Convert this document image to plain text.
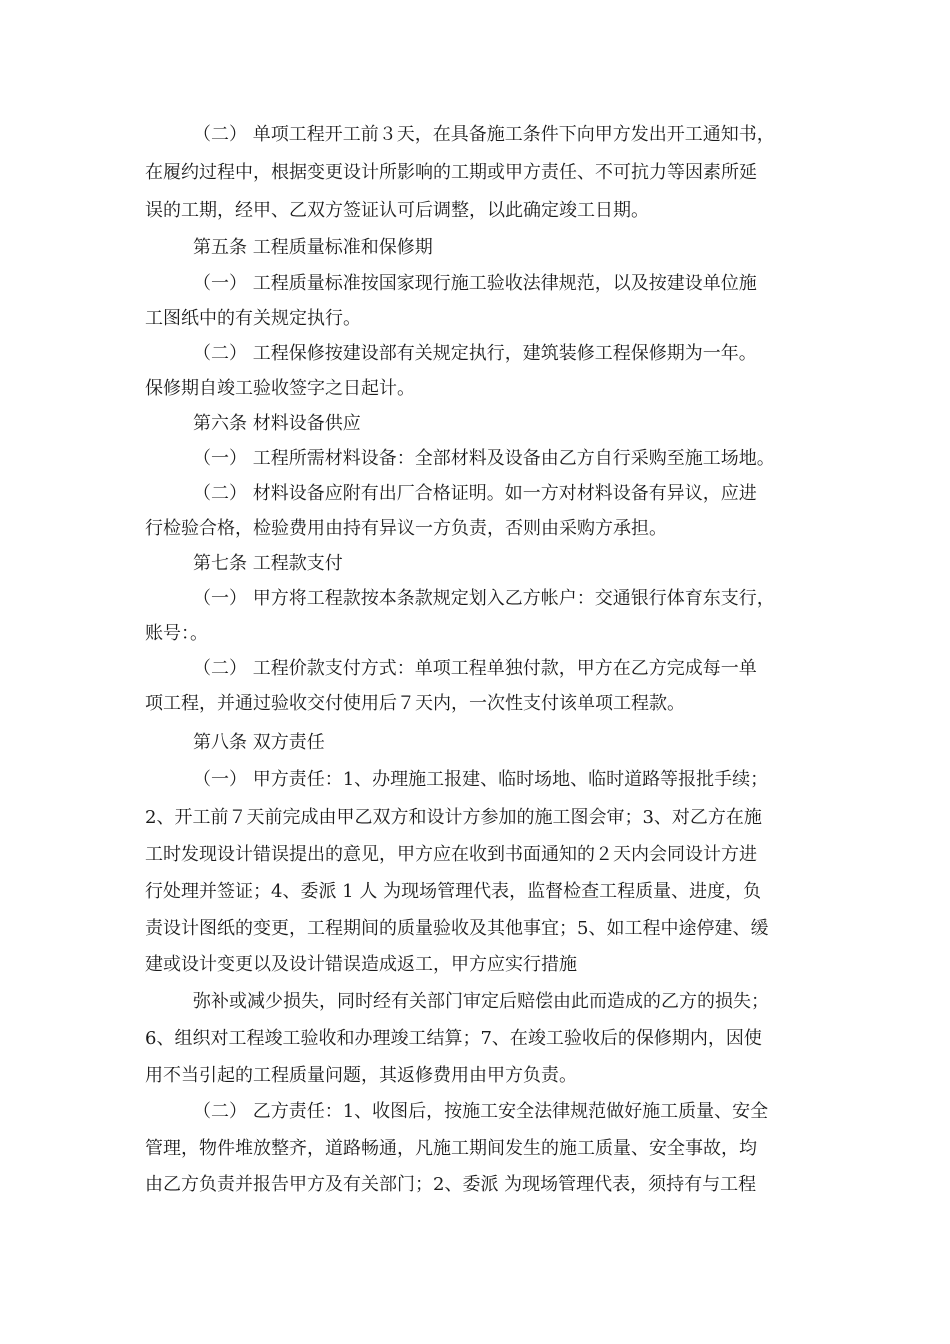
（二） 单项工程开工前３天，在具备施工条件下向甲方发出开工通知书，
在履约过程中，根据变更设计所影响的工期或甲方责任、不可抗力等因素所延
误的工期，经甲、乙双方签证认可后调整，以此确定竣工日期。
第五条 工程质量标准和保修期
（一） 工程质量标准按国家现行施工验收法律规范，以及按建设单位施
工图纸中的有关规定执行。
（二） 工程保修按建设部有关规定执行，建筑装修工程保修期为一年。
保修期自竣工验收签字之日起计。
第六条 材料设备供应
（一） 工程所需材料设备：全部材料及设备由乙方自行采购至施工场地。
（二） 材料设备应附有出厂合格证明。如一方对材料设备有异议，应进
行检验合格，检验费用由持有异议一方负责，否则由采购方承担。
第七条 工程款支付
（一） 甲方将工程款按本条款规定划入乙方帐户：交通银行体育东支行，
账号：。
（二） 工程价款支付方式：单项工程单独付款，甲方在乙方完成每一单
项工程，并通过验收交付使用后７天内，一次性支付该单项工程款。
第八条 双方责任
（一） 甲方责任：1、办理施工报建、临时场地、临时道路等报批手续；
2、开工前７天前完成由甲乙双方和设计方参加的施工图会审；3、对乙方在施
工时发现设计错误提出的意见，甲方应在收到书面通知的２天内会同设计方进
行处理并签证；4、委派 1 人 为现场管理代表，监督检查工程质量、进度，负
责设计图纸的变更，工程期间的质量验收及其他事宜；5、如工程中途停建、缓
建或设计变更以及设计错误造成返工，甲方应实行措施
弥补或减少损失，同时经有关部门审定后赔偿由此而造成的乙方的损失；
6、组织对工程竣工验收和办理竣工结算；7、在竣工验收后的保修期内，因使
用不当引起的工程质量问题，其返修费用由甲方负责。
（二） 乙方责任：1、收图后，按施工安全法律规范做好施工质量、安全
管理，物件堆放整齐，道路畅通，凡施工期间发生的施工质量、安全事故，均
由乙方负责并报告甲方及有关部门；2、委派 为现场管理代表，须持有与工程
